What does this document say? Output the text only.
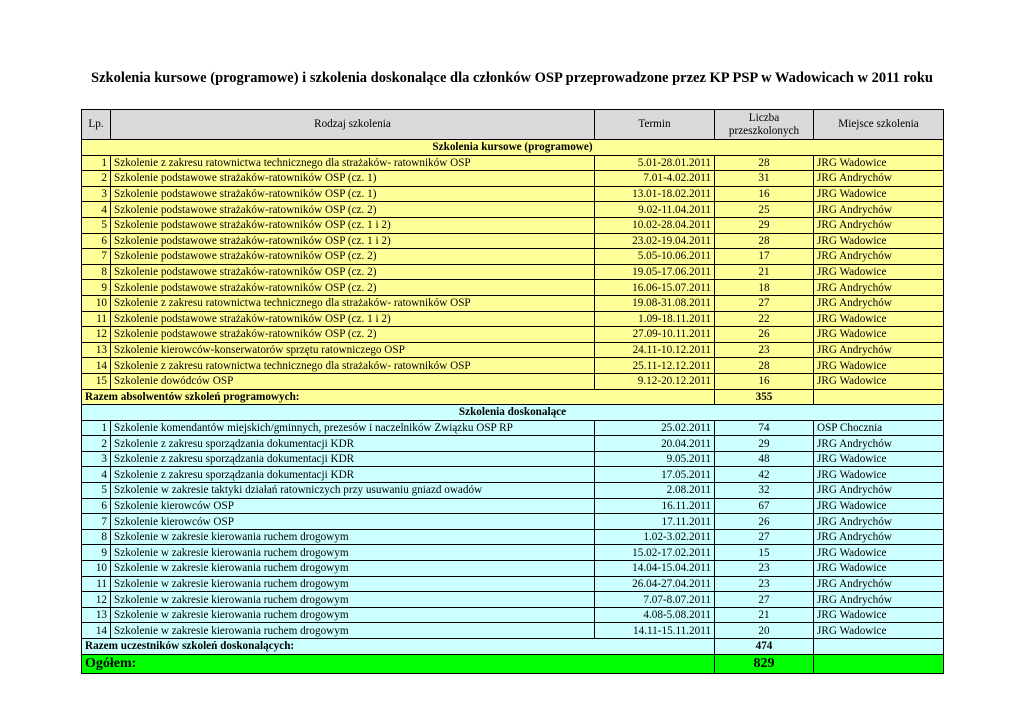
Szkolenia kursowe (programowe) i szkolenia doskonalące dla członków OSP przeprowadzone przez KP PSP w Wadowicach w 2011 roku
Lp.	Rodzaj szkolenia	Termin	Liczba przeszkolonych	Miejsce szkolenia
Szkolenia kursowe (programowe)				
1	Szkolenie z zakresu ratownictwa technicznego dla strażaków- ratowników OSP	5.01-28.01.2011	28	JRG Wadowice
2	Szkolenie podstawowe strażaków-ratowników OSP (cz. 1)	7.01-4.02.2011	31	JRG Andrychów
3	Szkolenie podstawowe strażaków-ratowników OSP (cz. 1)	13.01-18.02.2011	16	JRG Wadowice
4	Szkolenie podstawowe strażaków-ratowników OSP (cz. 2)	9.02-11.04.2011	25	JRG Andrychów
5	Szkolenie podstawowe strażaków-ratowników OSP (cz. 1 i 2)	10.02-28.04.2011	29	JRG Andrychów
6	Szkolenie podstawowe strażaków-ratowników OSP (cz. 1 i 2)	23.02-19.04.2011	28	JRG Wadowice
7	Szkolenie podstawowe strażaków-ratowników OSP (cz. 2)	5.05-10.06.2011	17	JRG Andrychów
8	Szkolenie podstawowe strażaków-ratowników OSP (cz. 2)	19.05-17.06.2011	21	JRG Wadowice
9	Szkolenie podstawowe strażaków-ratowników OSP (cz. 2)	16.06-15.07.2011	18	JRG Andrychów
10	Szkolenie z zakresu ratownictwa technicznego dla strażaków- ratowników OSP	19.08-31.08.2011	27	JRG Andrychów
11	Szkolenie podstawowe strażaków-ratowników OSP (cz. 1 i 2)	1.09-18.11.2011	22	JRG Wadowice
12	Szkolenie podstawowe strażaków-ratowników OSP (cz. 2)	27.09-10.11.2011	26	JRG Wadowice
13	Szkolenie kierowców-konserwatorów sprzętu ratowniczego OSP	24.11-10.12.2011	23	JRG Andrychów
14	Szkolenie z zakresu ratownictwa technicznego dla strażaków- ratowników OSP	25.11-12.12.2011	28	JRG Wadowice
15	Szkolenie dowódców OSP	9.12-20.12.2011	16	JRG Wadowice
Razem absolwentów szkoleń programowych:			355	
Szkolenia doskonalące				
1	Szkolenie komendantów miejskich/gminnych, prezesów i naczelników Związku OSP RP	25.02.2011	74	OSP Chocznia
2	Szkolenie z zakresu sporządzania dokumentacji KDR	20.04.2011	29	JRG Andrychów
3	Szkolenie z zakresu sporządzania dokumentacji KDR	9.05.2011	48	JRG Wadowice
4	Szkolenie z zakresu sporządzania dokumentacji KDR	17.05.2011	42	JRG Wadowice
5	Szkolenie w zakresie taktyki działań ratowniczych przy usuwaniu gniazd owadów	2.08.2011	32	JRG Andrychów
6	Szkolenie kierowców OSP	16.11.2011	67	JRG Wadowice
7	Szkolenie kierowców OSP	17.11.2011	26	JRG Andrychów
8	Szkolenie w zakresie kierowania ruchem drogowym	1.02-3.02.2011	27	JRG Andrychów
9	Szkolenie w zakresie kierowania ruchem drogowym	15.02-17.02.2011	15	JRG Wadowice
10	Szkolenie w zakresie kierowania ruchem drogowym	14.04-15.04.2011	23	JRG Wadowice
11	Szkolenie w zakresie kierowania ruchem drogowym	26.04-27.04.2011	23	JRG Andrychów
12	Szkolenie w zakresie kierowania ruchem drogowym	7.07-8.07.2011	27	JRG Andrychów
13	Szkolenie w zakresie kierowania ruchem drogowym	4.08-5.08.2011	21	JRG Wadowice
14	Szkolenie w zakresie kierowania ruchem drogowym	14.11-15.11.2011	20	JRG Wadowice
Razem uczestników szkoleń doskonalących:			474	
Ogółem:			829	
